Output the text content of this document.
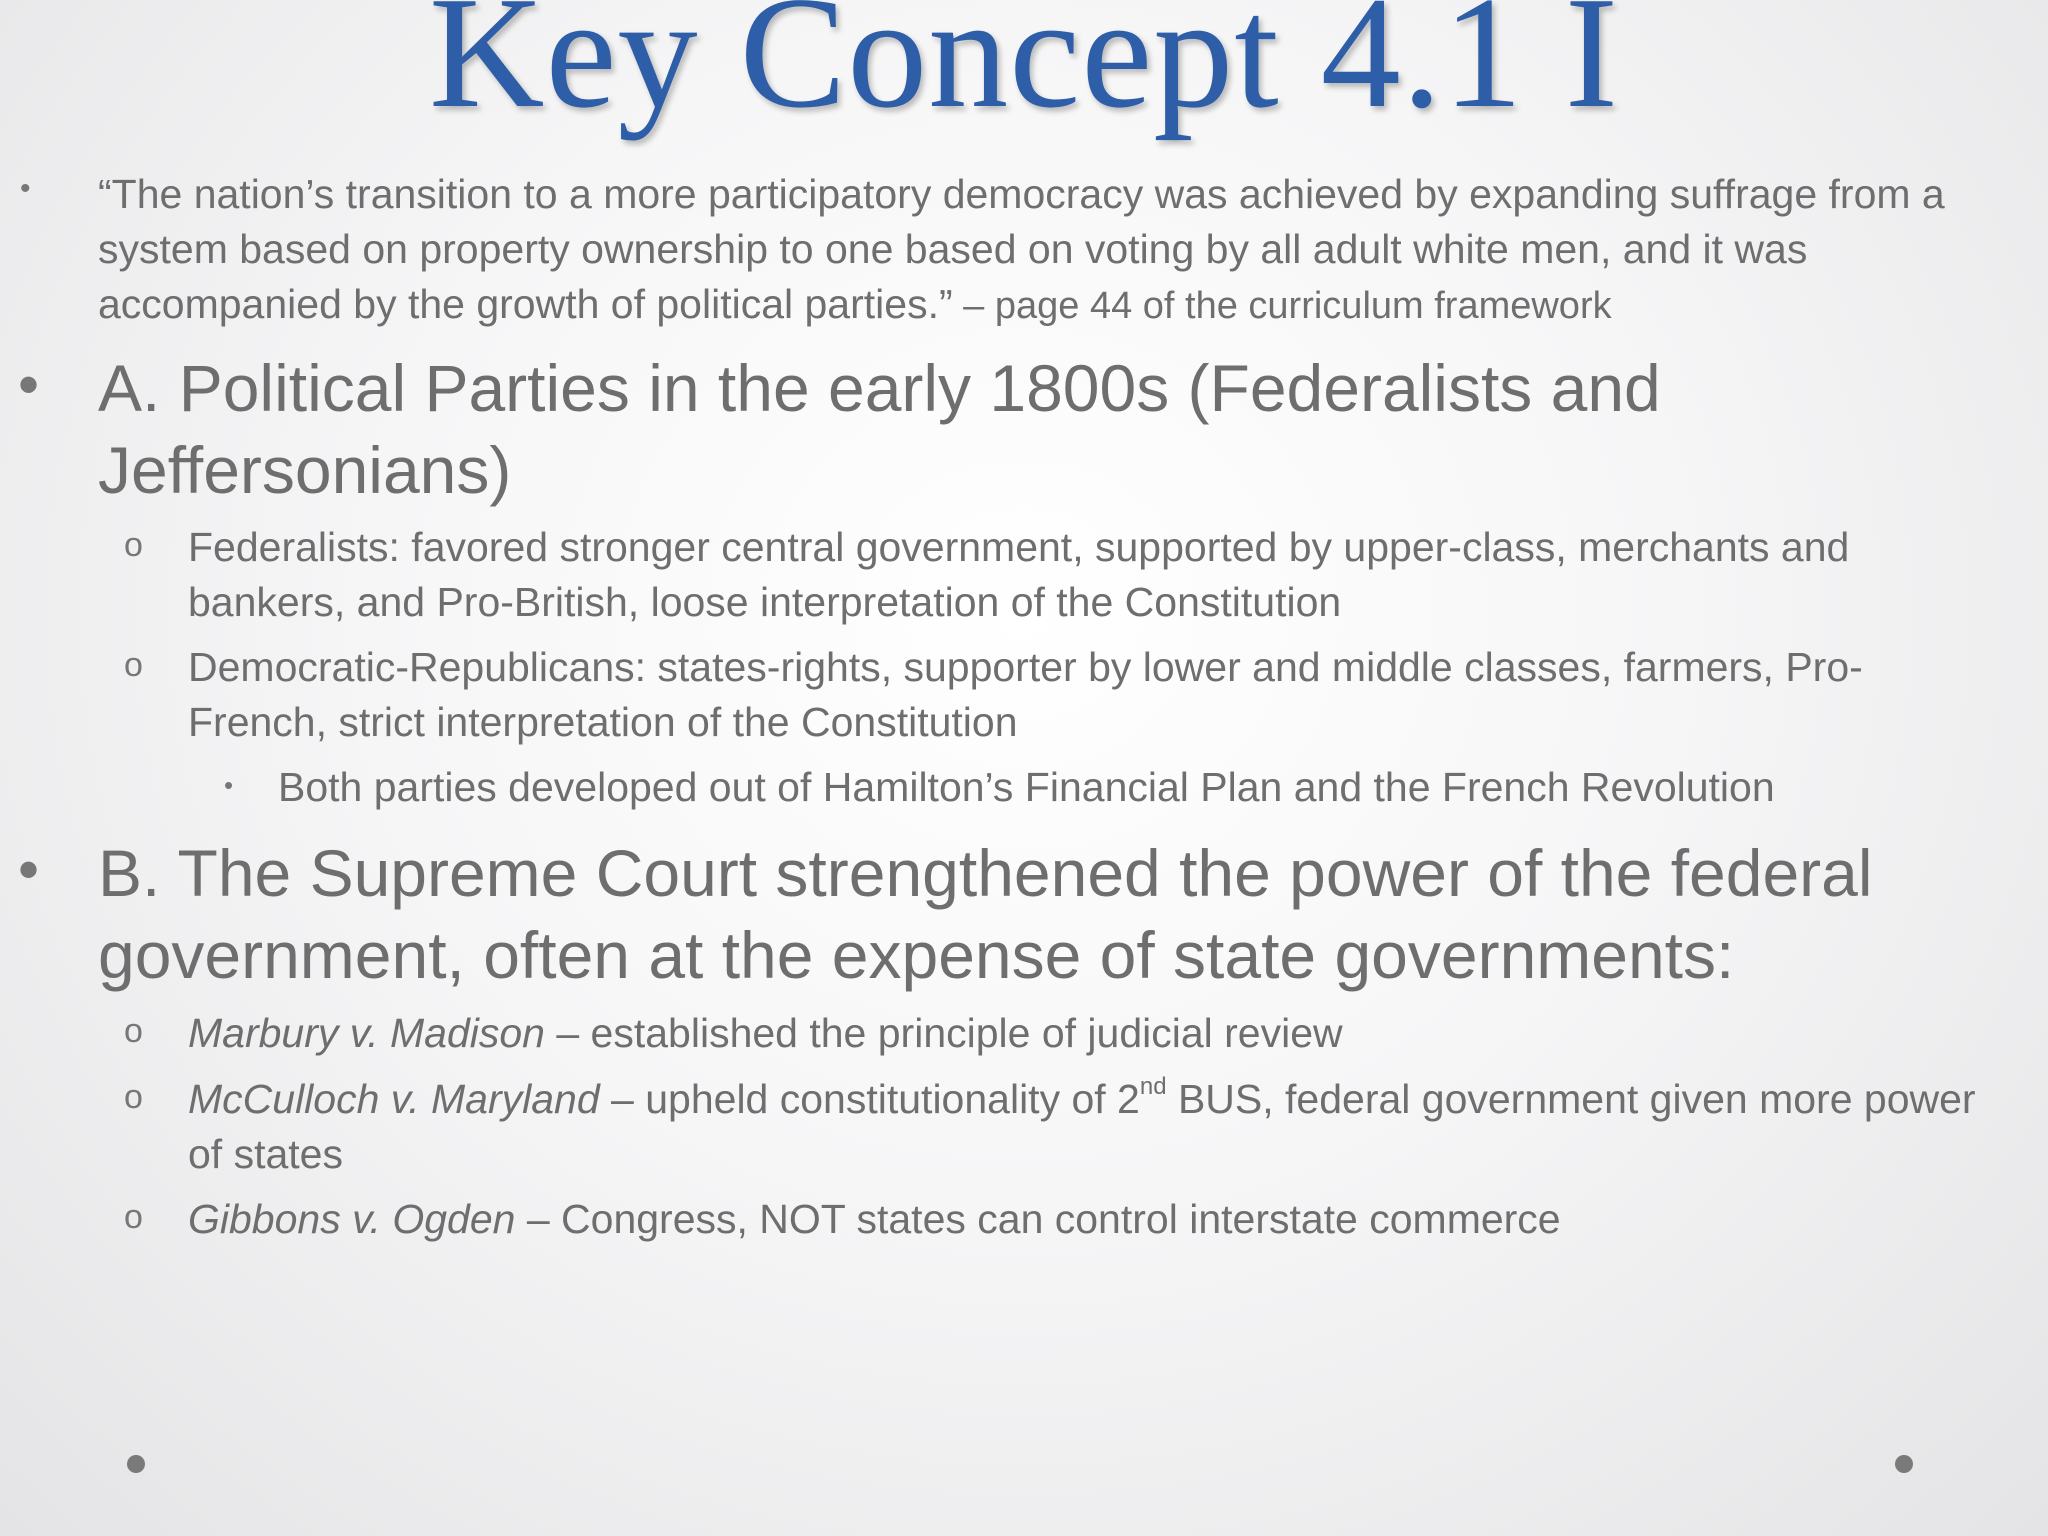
Key Concept 4.1 I
• “The nation’s transition to a more participatory democracy was achieved by expanding suffrage from a system based on property ownership to one based on voting by all adult white men, and it was accompanied by the growth of political parties.” – page 44 of the curriculum framework
• A. Political Parties in the early 1800s (Federalists and Jeffersonians)
o Federalists: favored stronger central government, supported by upper-class, merchants and bankers, and Pro-British, loose interpretation of the Constitution
o Democratic-Republicans: states-rights, supporter by lower and middle classes, farmers, Pro-French, strict interpretation of the Constitution
• Both parties developed out of Hamilton’s Financial Plan and the French Revolution
• B. The Supreme Court strengthened the power of the federal government, often at the expense of state governments:
o Marbury v. Madison – established the principle of judicial review
o McCulloch v. Maryland – upheld constitutionality of 2nd BUS, federal government given more power of states
o Gibbons v. Ogden – Congress, NOT states can control interstate commerce
